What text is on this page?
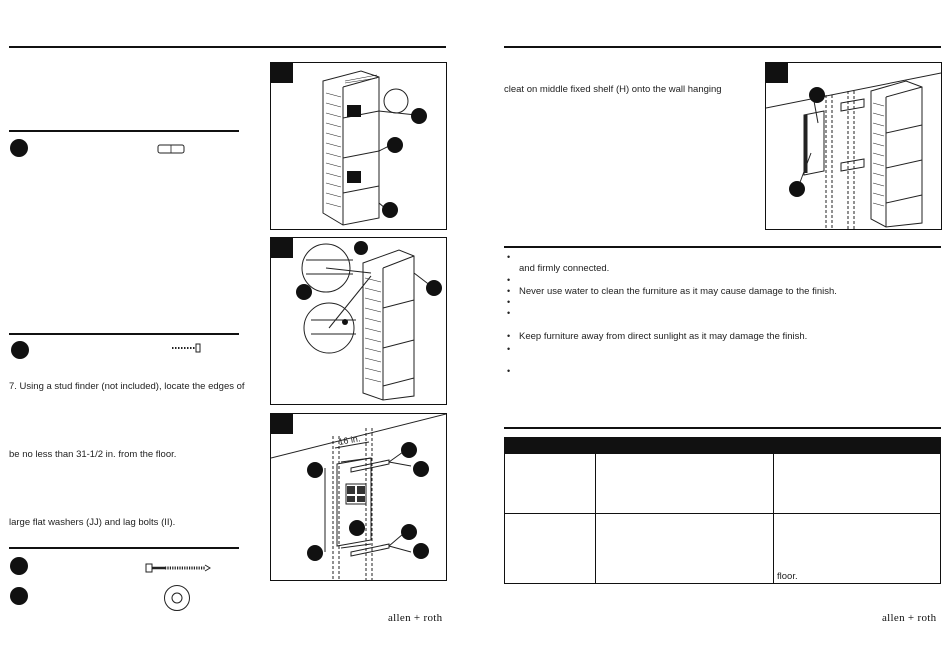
7. Using a stud finder (not included), locate the edges of
be no less than 31-1/2 in. from the floor.
large flat washers (JJ) and lag bolts (II).
16 in.
allen + roth
cleat on middle fixed shelf (H) onto the wall hanging
•
and firmly connected.
•
• Never use water to clean the furniture as it may cause damage to the finish.
•
•
• Keep furniture away from direct sunlight as it may damage the finish.
•
•

		floor.
allen + roth
